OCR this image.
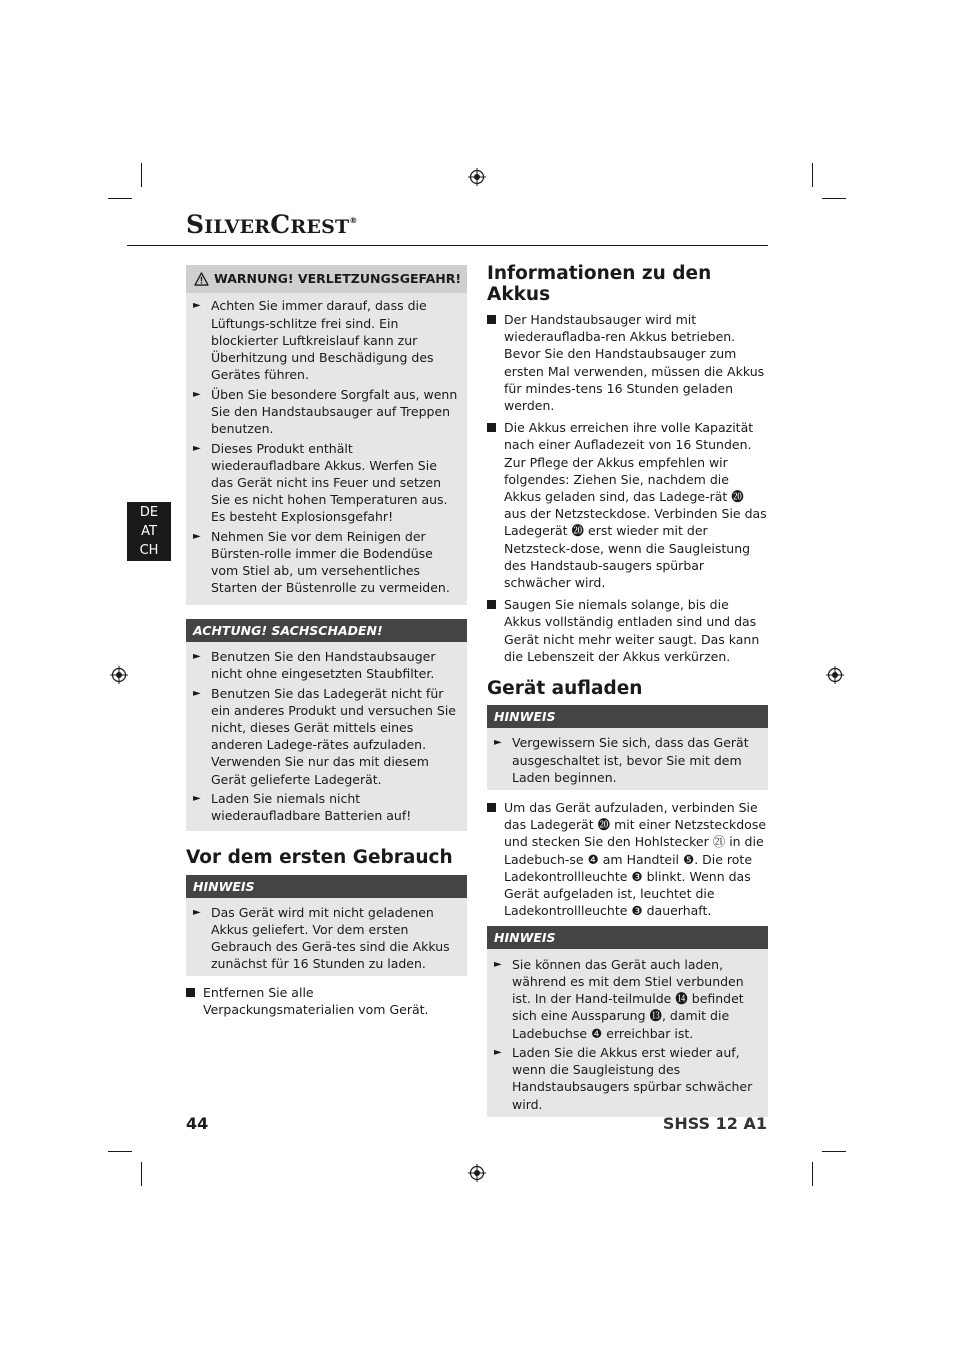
SILVERCREST®
DE
AT
CH
WARNUNG! VERLETZUNGSGEFAHR!
► Achten Sie immer darauf, dass die Lüftungs-schlitze frei sind. Ein blockierter Luftkreislauf kann zur Überhitzung und Beschädigung des Gerätes führen.
► Üben Sie besondere Sorgfalt aus, wenn Sie den Handstaubsauger auf Treppen benutzen.
► Dieses Produkt enthält wiederaufladbare Akkus. Werfen Sie das Gerät nicht ins Feuer und setzen Sie es nicht hohen Temperaturen aus. Es besteht Explosionsgefahr!
► Nehmen Sie vor dem Reinigen der Bürsten-rolle immer die Bodendüse vom Stiel ab, um versehentliches Starten der Büstenrolle zu vermeiden.
ACHTUNG! SACHSCHADEN!
► Benutzen Sie den Handstaubsauger nicht ohne eingesetzten Staubfilter.
► Benutzen Sie das Ladegerät nicht für ein anderes Produkt und versuchen Sie nicht, dieses Gerät mittels eines anderen Ladege-rätes aufzuladen. Verwenden Sie nur das mit diesem Gerät gelieferte Ladegerät.
► Laden Sie niemals nicht wiederaufladbare Batterien auf!
Vor dem ersten Gebrauch
HINWEIS
► Das Gerät wird mit nicht geladenen Akkus geliefert. Vor dem ersten Gebrauch des Gerä-tes sind die Akkus zunächst für 16 Stunden zu laden.
Entfernen Sie alle Verpackungsmaterialien vom Gerät.
Informationen zu den Akkus
Der Handstaubsauger wird mit wiederaufladba-ren Akkus betrieben. Bevor Sie den Handstaubsauger zum ersten Mal verwenden, müssen die Akkus für mindes-tens 16 Stunden geladen werden.
Die Akkus erreichen ihre volle Kapazität nach einer Aufladezeit von 16 Stunden. Zur Pflege der Akkus empfehlen wir folgendes: Ziehen Sie, nachdem die Akkus geladen sind, das Ladege-rät ⓴ aus der Netzsteckdose. Verbinden Sie das Ladegerät ⓴ erst wieder mit der Netzsteck-dose, wenn die Saugleistung des Handstaub-saugers spürbar schwächer wird.
Saugen Sie niemals solange, bis die Akkus vollständig entladen sind und das Gerät nicht mehr weiter saugt. Das kann die Lebenszeit der Akkus verkürzen.
Gerät aufladen
HINWEIS
► Vergewissern Sie sich, dass das Gerät ausgeschaltet ist, bevor Sie mit dem Laden beginnen.
Um das Gerät aufzuladen, verbinden Sie das Ladegerät ⓴ mit einer Netzsteckdose und stecken Sie den Hohlstecker ㉑ in die Ladebuch-se ❹ am Handteil ❺. Die rote Ladekontrollleuchte ❸ blinkt. Wenn das Gerät aufgeladen ist, leuchtet die Ladekontrollleuchte ❸ dauerhaft.
HINWEIS
► Sie können das Gerät auch laden, während es mit dem Stiel verbunden ist. In der Hand-teilmulde ⓮ befindet sich eine Aussparung ⓭, damit die Ladebuchse ❹ erreichbar ist.
► Laden Sie die Akkus erst wieder auf, wenn die Saugleistung des Handstaubsaugers spürbar schwächer wird.
44	SHSS 12 A1
